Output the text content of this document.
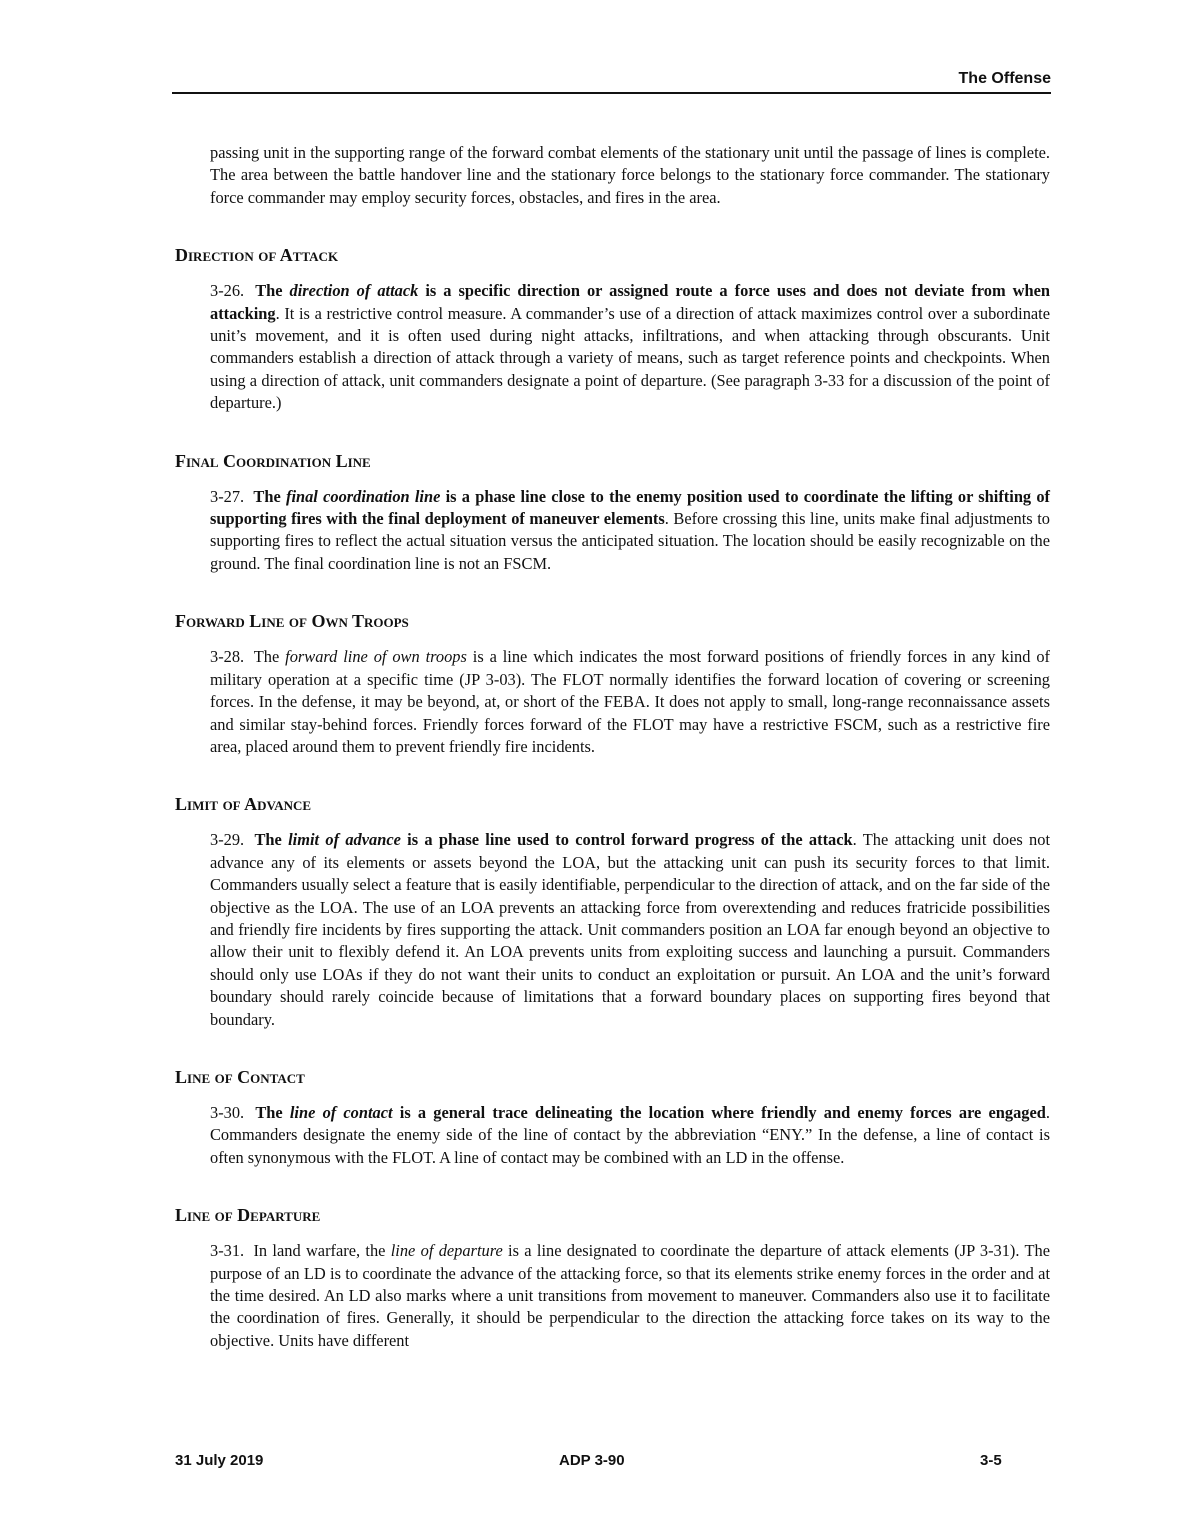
The Offense

passing unit in the supporting range of the forward combat elements of the stationary unit until the passage of lines is complete. The area between the battle handover line and the stationary force belongs to the stationary force commander. The stationary force commander may employ security forces, obstacles, and fires in the area.

Direction of Attack

3-26. The direction of attack is a specific direction or assigned route a force uses and does not deviate from when attacking. It is a restrictive control measure. A commander’s use of a direction of attack maximizes control over a subordinate unit’s movement, and it is often used during night attacks, infiltrations, and when attacking through obscurants. Unit commanders establish a direction of attack through a variety of means, such as target reference points and checkpoints. When using a direction of attack, unit commanders designate a point of departure. (See paragraph 3-33 for a discussion of the point of departure.)

Final Coordination Line

3-27. The final coordination line is a phase line close to the enemy position used to coordinate the lifting or shifting of supporting fires with the final deployment of maneuver elements. Before crossing this line, units make final adjustments to supporting fires to reflect the actual situation versus the anticipated situation. The location should be easily recognizable on the ground. The final coordination line is not an FSCM.

Forward Line of Own Troops

3-28. The forward line of own troops is a line which indicates the most forward positions of friendly forces in any kind of military operation at a specific time (JP 3-03). The FLOT normally identifies the forward location of covering or screening forces. In the defense, it may be beyond, at, or short of the FEBA. It does not apply to small, long-range reconnaissance assets and similar stay-behind forces. Friendly forces forward of the FLOT may have a restrictive FSCM, such as a restrictive fire area, placed around them to prevent friendly fire incidents.

Limit of Advance

3-29. The limit of advance is a phase line used to control forward progress of the attack. The attacking unit does not advance any of its elements or assets beyond the LOA, but the attacking unit can push its security forces to that limit. Commanders usually select a feature that is easily identifiable, perpendicular to the direction of attack, and on the far side of the objective as the LOA. The use of an LOA prevents an attacking force from overextending and reduces fratricide possibilities and friendly fire incidents by fires supporting the attack. Unit commanders position an LOA far enough beyond an objective to allow their unit to flexibly defend it. An LOA prevents units from exploiting success and launching a pursuit. Commanders should only use LOAs if they do not want their units to conduct an exploitation or pursuit. An LOA and the unit’s forward boundary should rarely coincide because of limitations that a forward boundary places on supporting fires beyond that boundary.

Line of Contact

3-30. The line of contact is a general trace delineating the location where friendly and enemy forces are engaged. Commanders designate the enemy side of the line of contact by the abbreviation “ENY.” In the defense, a line of contact is often synonymous with the FLOT. A line of contact may be combined with an LD in the offense.

Line of Departure

3-31. In land warfare, the line of departure is a line designated to coordinate the departure of attack elements (JP 3-31). The purpose of an LD is to coordinate the advance of the attacking force, so that its elements strike enemy forces in the order and at the time desired. An LD also marks where a unit transitions from movement to maneuver. Commanders also use it to facilitate the coordination of fires. Generally, it should be perpendicular to the direction the attacking force takes on its way to the objective. Units have different

31 July 2019	ADP 3-90	3-5
